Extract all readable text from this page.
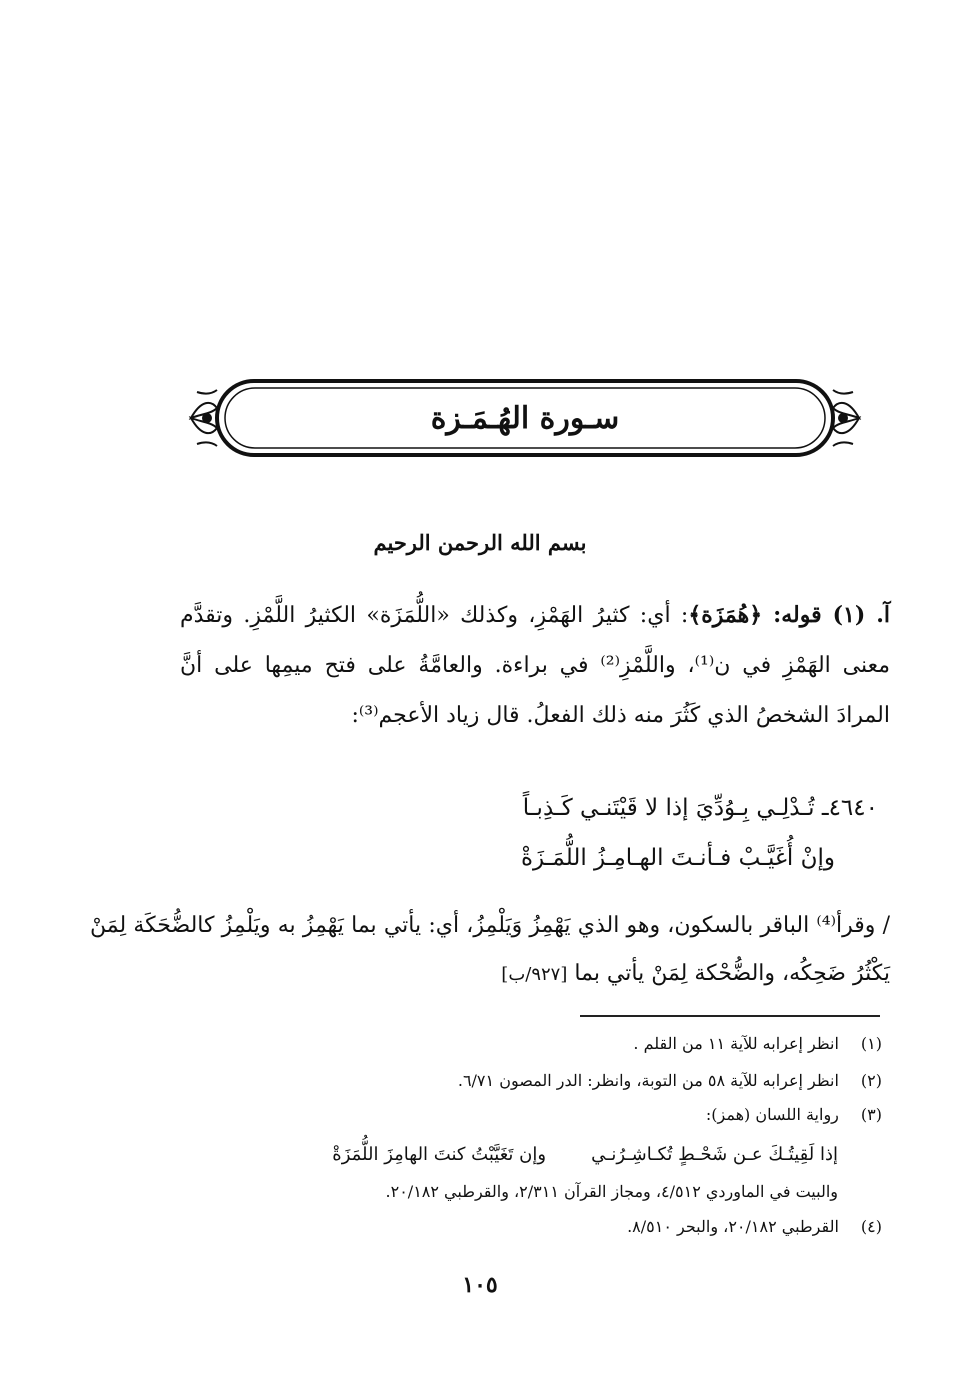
سـورة الهُـمَـزة
بسم الله الرحمن الرحيم
آ. (١) قوله: ﴿هُمَزَة﴾: أي: كثيرُ الهَمْزِ، وكذلك «اللُّمَزَة» الكثيرُ اللَّمْزِ. وتقدَّم معنى الهَمْزِ في ن⁽¹⁾، واللَّمْزِ⁽²⁾ في براءة. والعامَّةُ على فتح ميمِها على أنَّ المرادَ الشخصُ الذي كَثُرَ منه ذلك الفعلُ. قال زياد الأعجم⁽³⁾:
٤٦٤٠ـ تُـدْلِـي بِـوُدِّيَ إذا لا قَيْتَنـي كَـذِبـاً
وإنْ أُغَيَّـبْ فـأنـتَ الهـامِـزُ اللُّمَـزَةْ
/ وقرأ⁽⁴⁾ الباقر بالسكون، وهو الذي يَهْمِزُ وَيَلْمِزُ، أي: يأتي بما يَهْمِزُ به ويَلْمِزُ كالضُّحَكَة لِمَنْ يَكْثُرُ ضَحِكُه، والضُّحْكة لِمَنْ يأتي بما [٩٢٧/ب]
(١) انظر إعرابه للآية ١١ من القلم .
(٢) انظر إعرابه للآية ٥٨ من التوبة، وانظر: الدر المصون ٦/٧١.
(٣) رواية اللسان (همز):
إذا لَقِيتُـكَ عـن شَحْـطٍ تُكـاشِـرُنـي وإن تَغَيَّبْتُ كنتَ الهامِزَ اللُّمَزَةْ
والبيت في الماوردي ٤/٥١٢، ومجاز القرآن ٢/٣١١، والقرطبي ٢٠/١٨٢.
(٤) القرطبي ٢٠/١٨٢، والبحر ٨/٥١٠.
١٠٥
